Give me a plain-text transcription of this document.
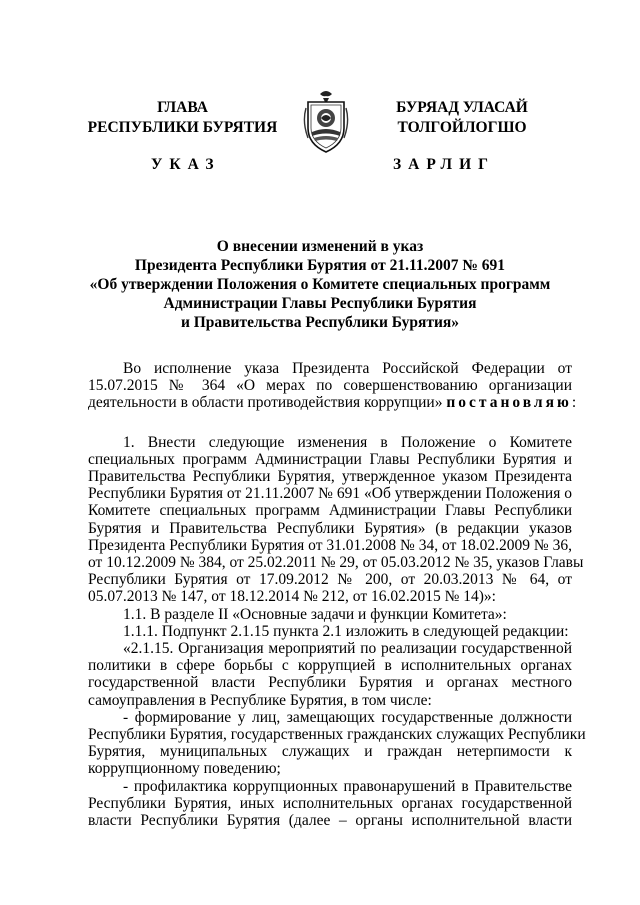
ГЛАВА
РЕСПУБЛИКИ БУРЯТИЯ
УКАЗ
БУРЯАД УЛАСАЙ
ТОЛГОЙЛОГШО
ЗАРЛИГ
О внесении изменений в указ
Президента Республики Бурятия от 21.11.2007 № 691
«Об утверждении Положения о Комитете специальных программ
Администрации Главы Республики Бурятия
и Правительства Республики Бурятия»
Во исполнение указа Президента Российской Федерации от
15.07.2015 № 364 «О мерах по совершенствованию организации
деятельности в области противодействия коррупции» постановляю:
1. Внести следующие изменения в Положение о Комитете
специальных программ Администрации Главы Республики Бурятия и
Правительства Республики Бурятия, утвержденное указом Президента
Республики Бурятия от 21.11.2007 № 691 «Об утверждении Положения о
Комитете специальных программ Администрации Главы Республики
Бурятия и Правительства Республики Бурятия» (в редакции указов
Президента Республики Бурятия от 31.01.2008 № 34, от 18.02.2009 № 36,
от 10.12.2009 № 384, от 25.02.2011 № 29, от 05.03.2012 № 35, указов Главы
Республики Бурятия от 17.09.2012 № 200, от 20.03.2013 № 64, от
05.07.2013 № 147, от 18.12.2014 № 212, от 16.02.2015 № 14)»:
1.1. В разделе II «Основные задачи и функции Комитета»:
1.1.1. Подпункт 2.1.15 пункта 2.1 изложить в следующей редакции:
«2.1.15. Организация мероприятий по реализации государственной
политики в сфере борьбы с коррупцией в исполнительных органах
государственной власти Республики Бурятия и органах местного
самоуправления в Республике Бурятия, в том числе:
- формирование у лиц, замещающих государственные должности
Республики Бурятия, государственных гражданских служащих Республики
Бурятия, муниципальных служащих и граждан нетерпимости к
коррупционному поведению;
- профилактика коррупционных правонарушений в Правительстве
Республики Бурятия, иных исполнительных органах государственной
власти Республики Бурятия (далее – органы исполнительной власти
